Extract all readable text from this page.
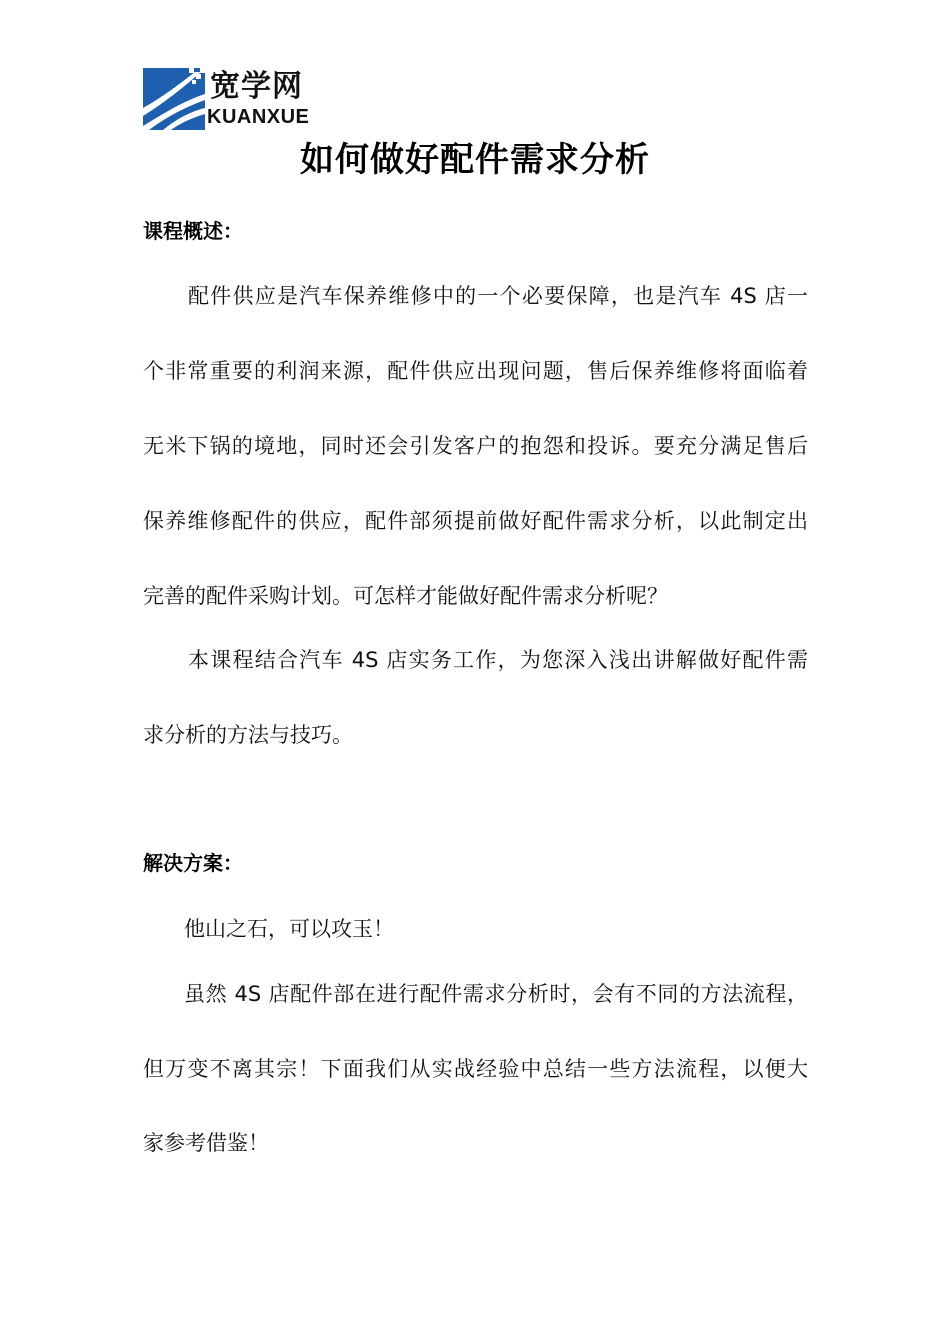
宽学网
KUANXUE
如何做好配件需求分析
课程概述：
配件供应是汽车保养维修中的一个必要保障，也是汽车 4S 店一
个非常重要的利润来源，配件供应出现问题，售后保养维修将面临着
无米下锅的境地，同时还会引发客户的抱怨和投诉。要充分满足售后
保养维修配件的供应，配件部须提前做好配件需求分析，以此制定出
完善的配件采购计划。可怎样才能做好配件需求分析呢？
本课程结合汽车 4S 店实务工作，为您深入浅出讲解做好配件需
求分析的方法与技巧。
解决方案：
他山之石，可以攻玉！
虽然 4S 店配件部在进行配件需求分析时，会有不同的方法流程，
但万变不离其宗！下面我们从实战经验中总结一些方法流程，以便大
家参考借鉴！
